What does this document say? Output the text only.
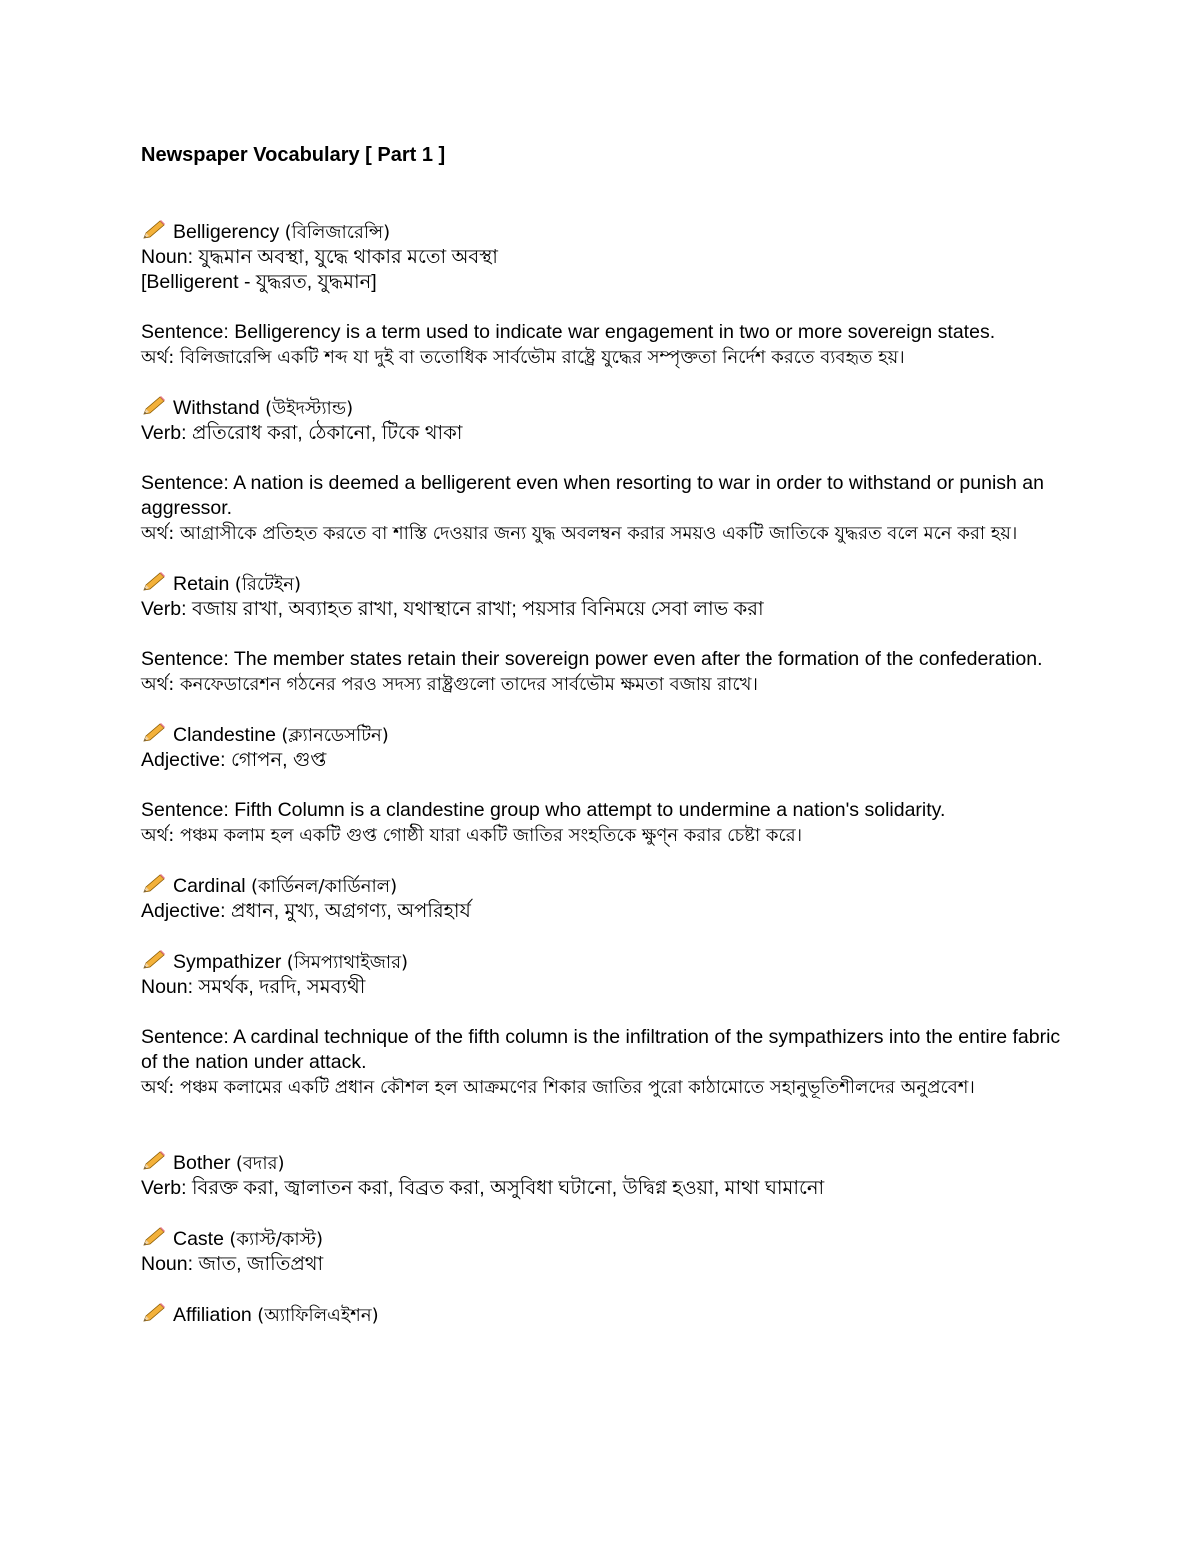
Newspaper Vocabulary [ Part 1 ]
Belligerency (বিলিজারেন্সি)
Noun: যুদ্ধমান অবস্থা, যুদ্ধে থাকার মতো অবস্থা
[Belligerent - যুদ্ধরত, যুদ্ধমান]
Sentence: Belligerency is a term used to indicate war engagement in two or more sovereign states.
অর্থ: বিলিজারেন্সি একটি শব্দ যা দুই বা ততোধিক সার্বভৌম রাষ্ট্রে যুদ্ধের সম্পৃক্ততা নির্দেশ করতে ব্যবহৃত হয়।
Withstand (উইদস্ট্যান্ড)
Verb: প্রতিরোধ করা, ঠেকানো, টিকে থাকা
Sentence: A nation is deemed a belligerent even when resorting to war in order to withstand or punish an aggressor.
অর্থ: আগ্রাসীকে প্রতিহত করতে বা শাস্তি দেওয়ার জন্য যুদ্ধ অবলম্বন করার সময়ও একটি জাতিকে যুদ্ধরত বলে মনে করা হয়।
Retain (রিটেইন)
Verb: বজায় রাখা, অব্যাহত রাখা, যথাস্থানে রাখা; পয়সার বিনিময়ে সেবা লাভ করা
Sentence: The member states retain their sovereign power even after the formation of the confederation.
অর্থ: কনফেডারেশন গঠনের পরও সদস্য রাষ্ট্রগুলো তাদের সার্বভৌম ক্ষমতা বজায় রাখে।
Clandestine (ক্ল্যানডেসটিন)
Adjective: গোপন, গুপ্ত
Sentence: Fifth Column is a clandestine group who attempt to undermine a nation's solidarity.
অর্থ: পঞ্চম কলাম হল একটি গুপ্ত গোষ্ঠী যারা একটি জাতির সংহতিকে ক্ষুণ্ন করার চেষ্টা করে।
Cardinal (কার্ডিনল/কার্ডিনাল)
Adjective: প্রধান, মুখ্য, অগ্রগণ্য, অপরিহার্য
Sympathizer (সিমপ্যাথাইজার)
Noun: সমর্থক, দরদি, সমব্যথী
Sentence: A cardinal technique of the fifth column is the infiltration of the sympathizers into the entire fabric of the nation under attack.
অর্থ: পঞ্চম কলামের একটি প্রধান কৌশল হল আক্রমণের শিকার জাতির পুরো কাঠামোতে সহানুভূতিশীলদের অনুপ্রবেশ।
Bother (বদার)
Verb: বিরক্ত করা, জ্বালাতন করা, বিব্রত করা, অসুবিধা ঘটানো, উদ্বিগ্ন হওয়া, মাথা ঘামানো
Caste (ক্যাস্ট/কাস্ট)
Noun: জাত, জাতিপ্রথা
Affiliation (অ্যাফিলিএইশন)
